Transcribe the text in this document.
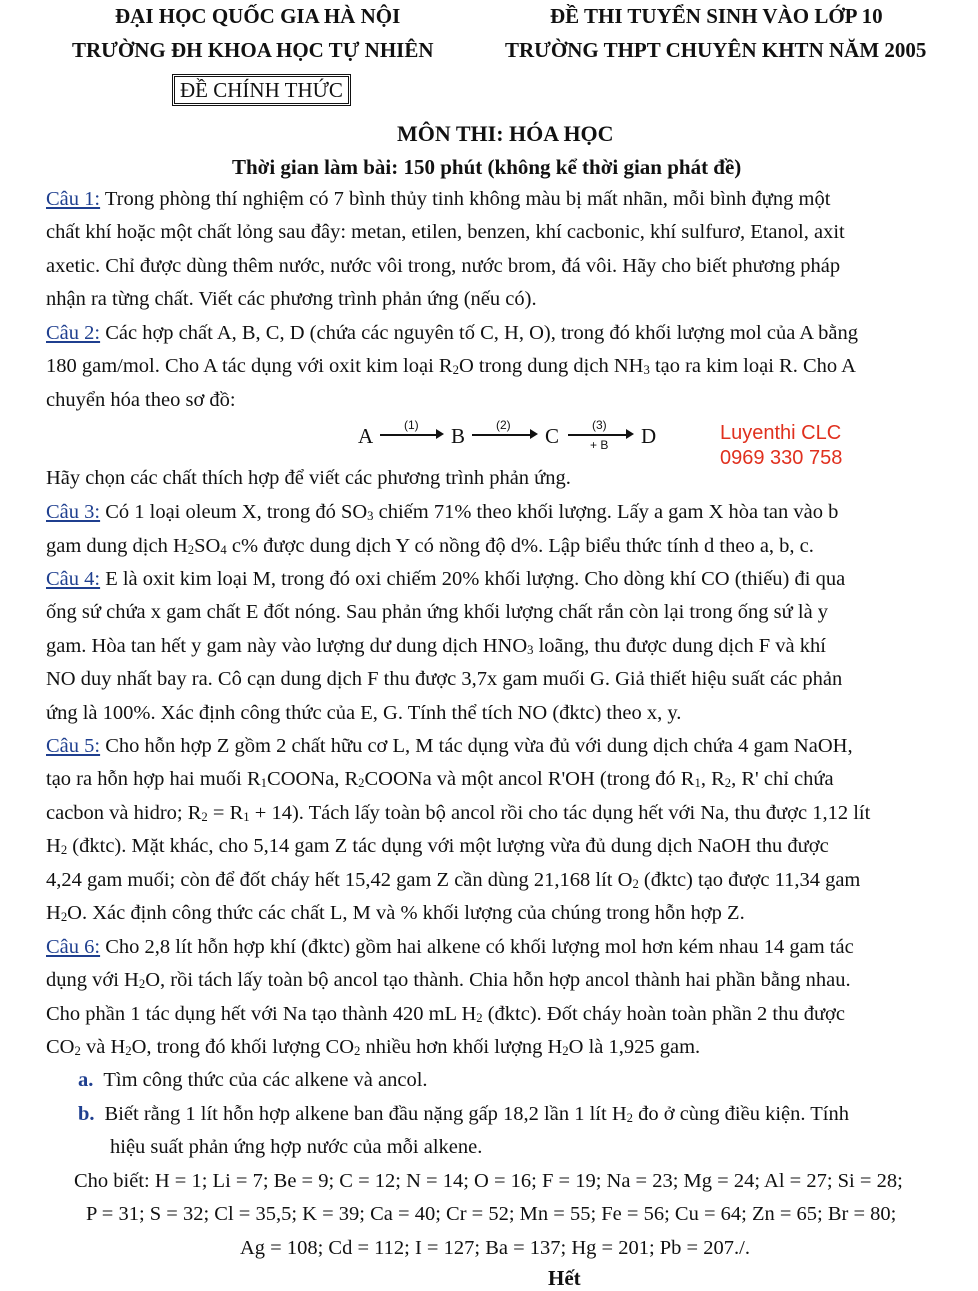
ĐẠI HỌC QUỐC GIA HÀ NỘI
TRƯỜNG ĐH KHOA HỌC TỰ NHIÊN
ĐỀ THI TUYỂN SINH VÀO LỚP 10
TRƯỜNG THPT CHUYÊN KHTN NĂM 2005
ĐỀ CHÍNH THỨC
MÔN THI: HÓA HỌC
Thời gian làm bài: 150 phút (không kể thời gian phát đề)
Câu 1: Trong phòng thí nghiệm có 7 bình thủy tinh không màu bị mất nhãn, mỗi bình đựng một
chất khí hoặc một chất lỏng sau đây: metan, etilen, benzen, khí cacbonic, khí sulfurơ, Etanol, axit
axetic. Chỉ được dùng thêm nước, nước vôi trong, nước brom, đá vôi. Hãy cho biết phương pháp
nhận ra từng chất. Viết các phương trình phản ứng (nếu có).
Câu 2: Các hợp chất A, B, C, D (chứa các nguyên tố C, H, O), trong đó khối lượng mol của A bằng
180 gam/mol. Cho A tác dụng với oxit kim loại $R_2O$ trong dung dịch $NH_3$ tạo ra kim loại R. Cho A
chuyển hóa theo sơ đồ:
A	(1) B	(2) C	(3)
+ B D	Luyenthi CLC
0969 330 758
Hãy chọn các chất thích hợp để viết các phương trình phản ứng.
Câu 3: Có 1 loại oleum X, trong đó $SO_3$ chiếm 71% theo khối lượng. Lấy a gam X hòa tan vào b
gam dung dịch $H_2SO_4$ c% được dung dịch Y có nồng độ d%. Lập biểu thức tính d theo a, b, c.
Câu 4: E là oxit kim loại M, trong đó oxi chiếm 20% khối lượng. Cho dòng khí CO (thiếu) đi qua
ống sứ chứa x gam chất E đốt nóng. Sau phản ứng khối lượng chất rắn còn lại trong ống sứ là y
gam. Hòa tan hết y gam này vào lượng dư dung dịch $HNO_3$ loãng, thu được dung dịch F và khí
NO duy nhất bay ra. Cô cạn dung dịch F thu được 3,7x gam muối G. Giả thiết hiệu suất các phản
ứng là 100%. Xác định công thức của E, G. Tính thể tích NO (đktc) theo x, y.
Câu 5: Cho hỗn hợp Z gồm 2 chất hữu cơ L, M tác dụng vừa đủ với dung dịch chứa 4 gam NaOH,
tạo ra hỗn hợp hai muối $R_1COONa$, $R_2COONa$ và một ancol R'OH (trong đó $R_1$, $R_2$, R' chỉ chứa
cacbon và hidro; $R_2 = R_1 + 14$). Tách lấy toàn bộ ancol rồi cho tác dụng hết với Na, thu được 1,12 lít
$H_2$ (đktc). Mặt khác, cho 5,14 gam Z tác dụng với một lượng vừa đủ dung dịch NaOH thu được
4,24 gam muối; còn để đốt cháy hết 15,42 gam Z cần dùng 21,168 lít $O_2$ (đktc) tạo được 11,34 gam
$H_2O$. Xác định công thức các chất L, M và % khối lượng của chúng trong hỗn hợp Z.
Câu 6: Cho 2,8 lít hỗn hợp khí (đktc) gồm hai alkene có khối lượng mol hơn kém nhau 14 gam tác
dụng với $H_2O$, rồi tách lấy toàn bộ ancol tạo thành. Chia hỗn hợp ancol thành hai phần bằng nhau.
Cho phần 1 tác dụng hết với Na tạo thành 420 mL $H_2$ (đktc). Đốt cháy hoàn toàn phần 2 thu được
$CO_2$ và $H_2O$, trong đó khối lượng $CO_2$ nhiều hơn khối lượng $H_2O$ là 1,925 gam.
a. Tìm công thức của các alkene và ancol.
b. Biết rằng 1 lít hỗn hợp alkene ban đầu nặng gấp 18,2 lần 1 lít $H_2$ đo ở cùng điều kiện. Tính
hiệu suất phản ứng hợp nước của mỗi alkene.
Cho biết: H = 1; Li = 7; Be = 9; C = 12; N = 14; O = 16; F = 19; Na = 23; Mg = 24; Al = 27; Si = 28;
P = 31; S = 32; Cl = 35,5; K = 39; Ca = 40; Cr = 52; Mn = 55; Fe = 56; Cu = 64; Zn = 65; Br = 80;
Ag = 108; Cd = 112; I = 127; Ba = 137; Hg = 201; Pb = 207./.
Hết
